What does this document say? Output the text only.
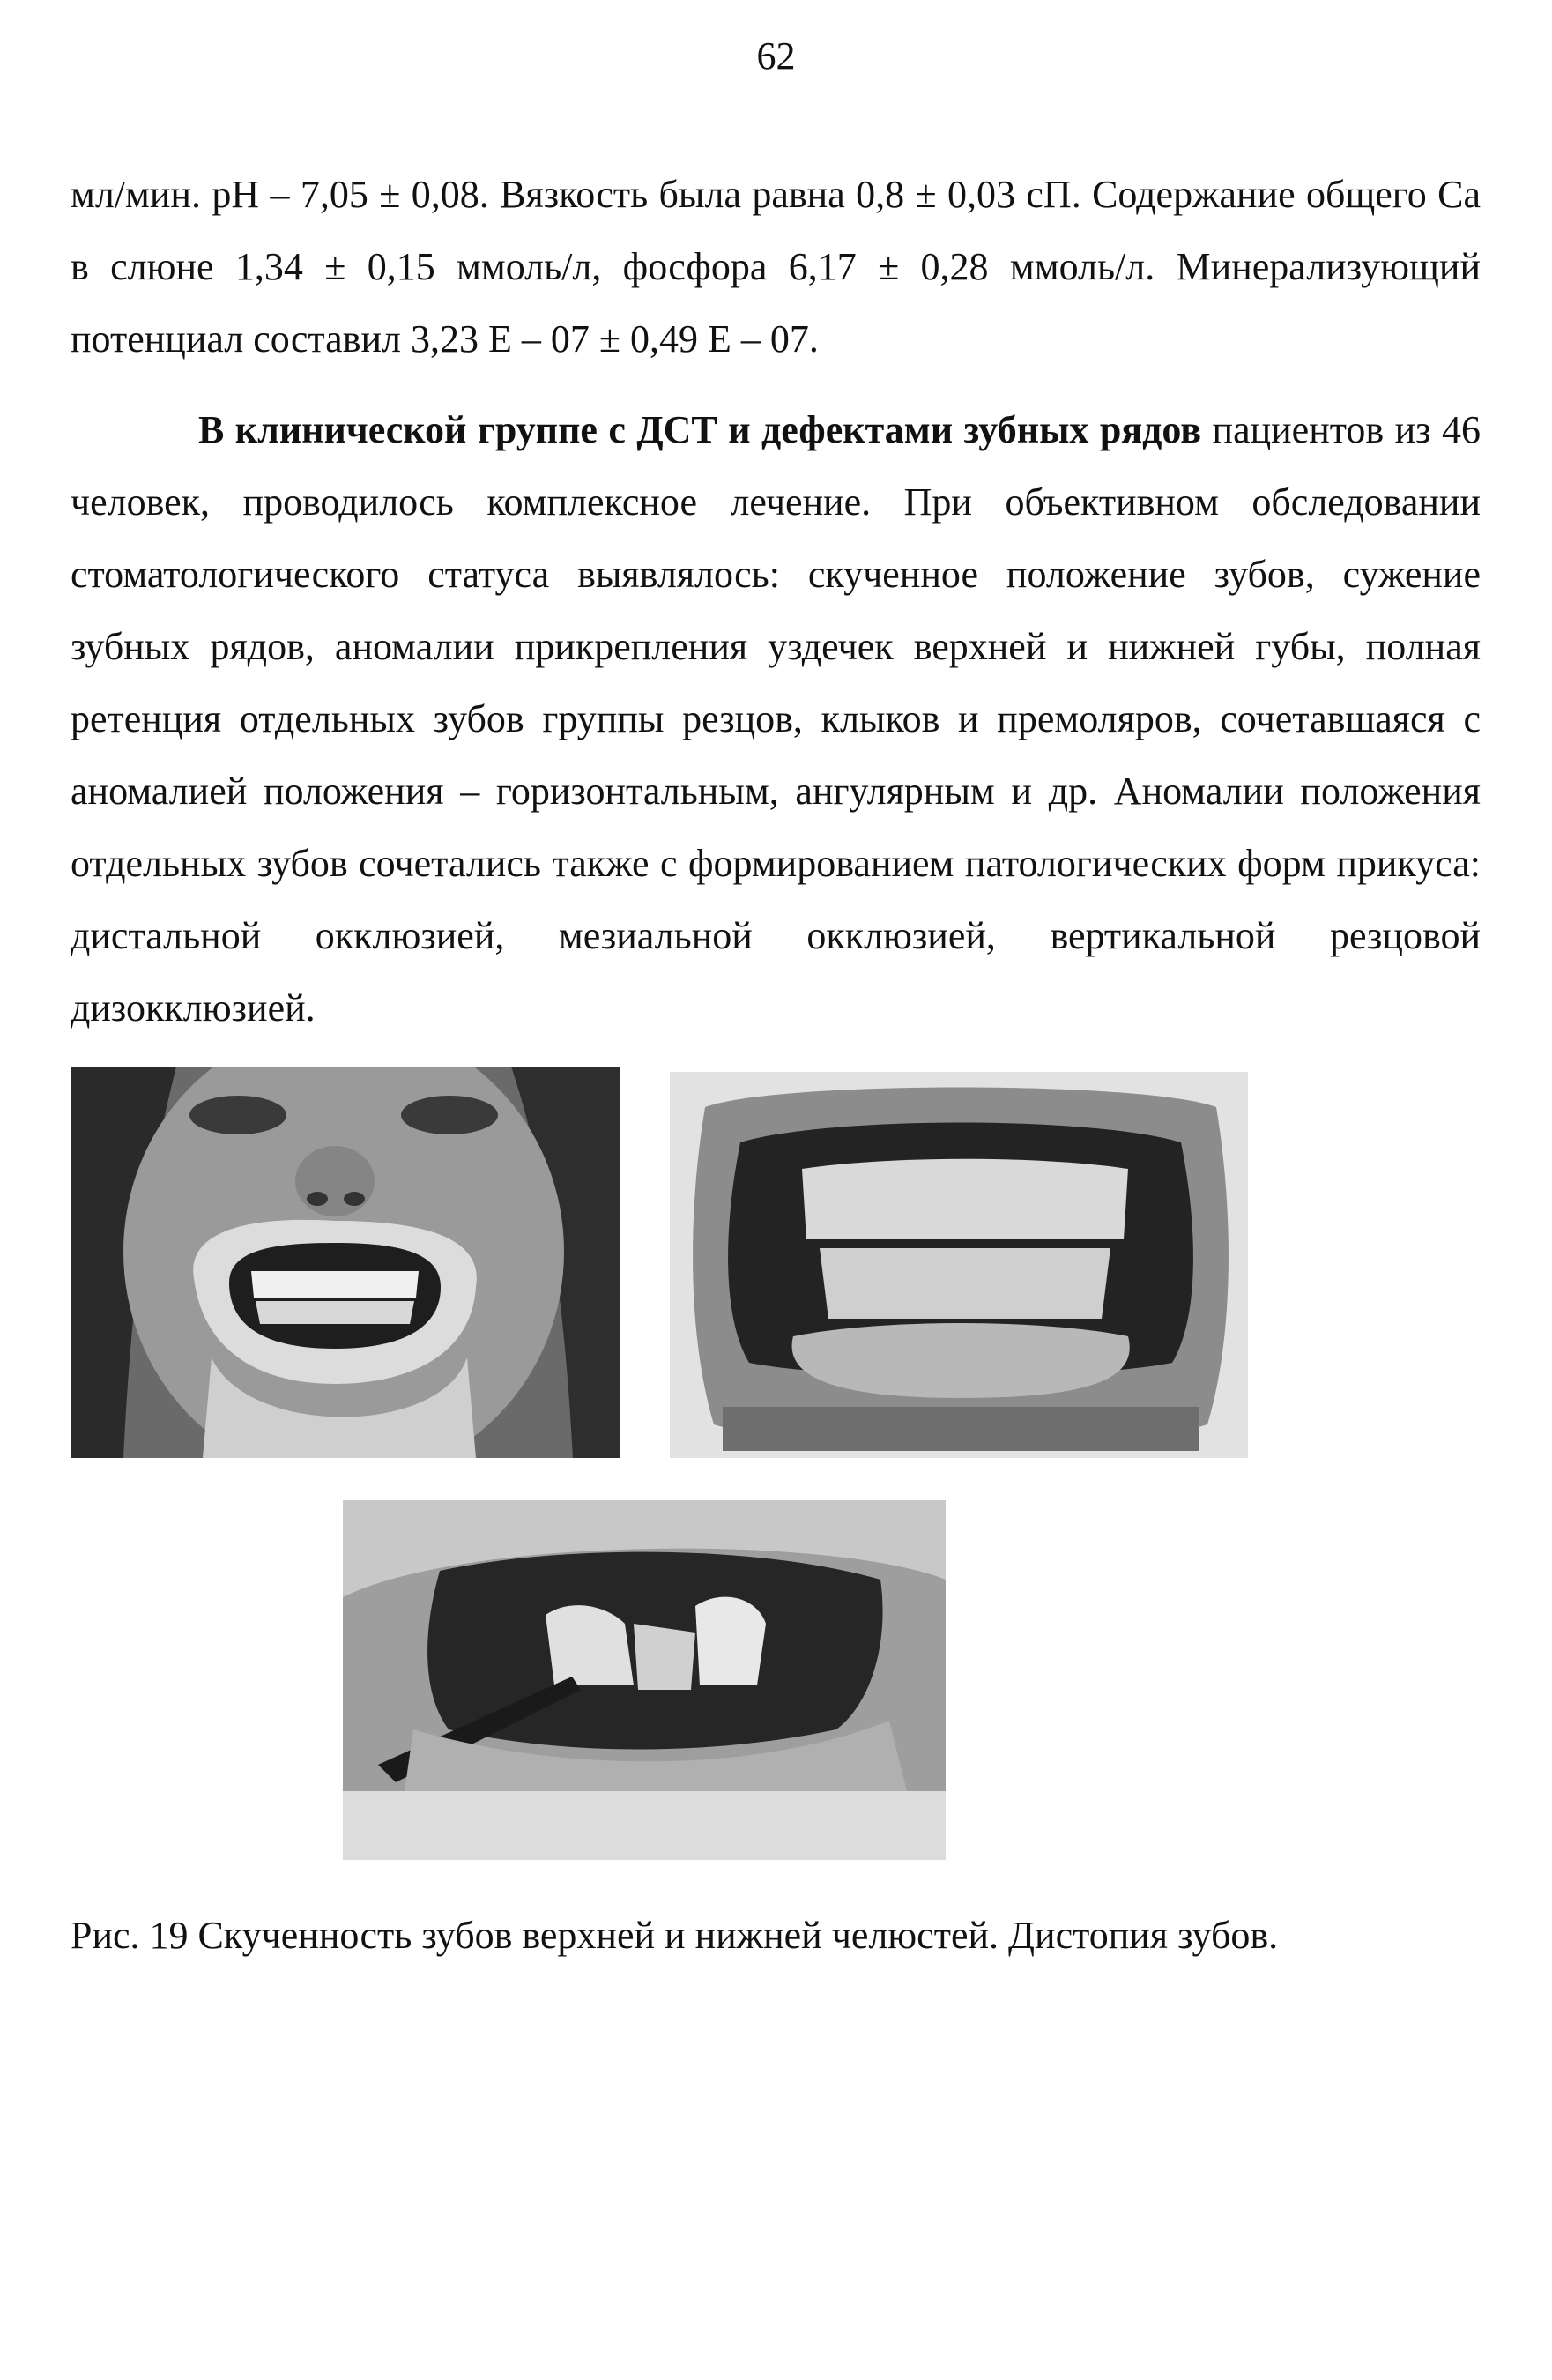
62

мл/мин. pH – 7,05 ± 0,08. Вязкость была равна 0,8 ± 0,03 сП. Содержание общего Са в слюне 1,34 ± 0,15 ммоль/л, фосфора 6,17 ± 0,28 ммоль/л. Минерализующий потенциал составил 3,23 Е – 07 ± 0,49 Е – 07.

В клинической группе с ДСТ и дефектами зубных рядов пациентов из 46 человек, проводилось комплексное лечение. При объективном обследовании стоматологического статуса выявлялось: скученное положение зубов, сужение зубных рядов, аномалии прикрепления уздечек верхней и нижней губы, полная ретенция отдельных зубов группы резцов, клыков и премоляров, сочетавшаяся с аномалией положения – горизонтальным, ангулярным и др. Аномалии положения отдельных зубов сочетались также с формированием патологических форм прикуса: дистальной окклюзией, мезиальной окклюзией, вертикальной резцовой дизокклюзией.

Рис. 19 Скученность зубов верхней и нижней челюстей. Дистопия зубов.
